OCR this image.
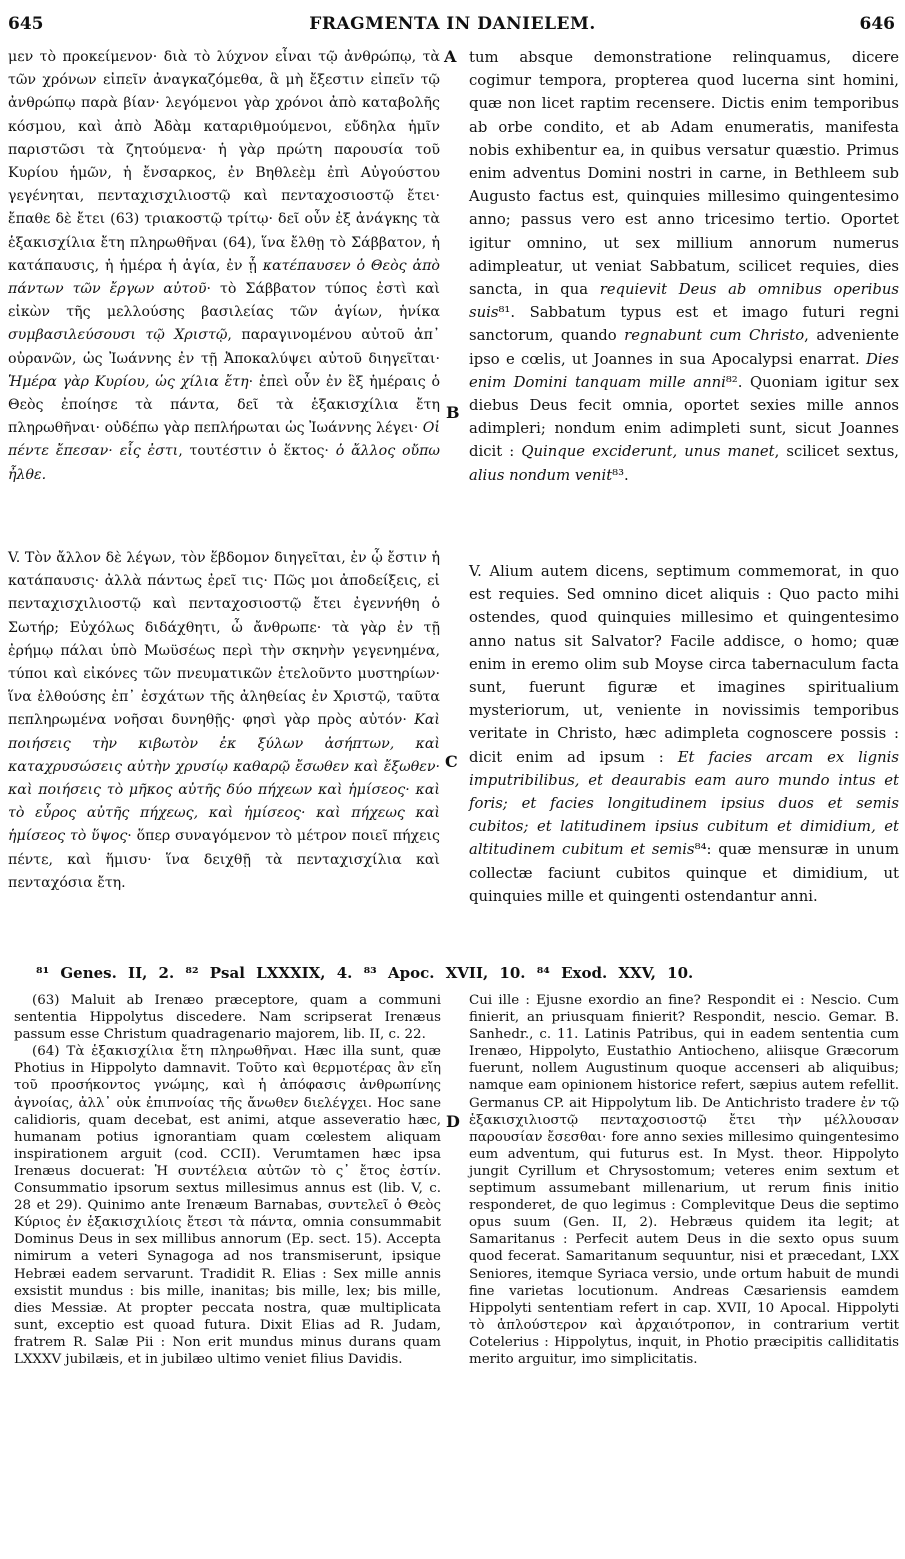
645	FRAGMENTA IN DANIELEM.	646
A
B
C
D

μεν τὸ προκείμενον· διὰ τὸ λύχνον εἶναι τῷ ἀνθρώπῳ, τὰ τῶν χρόνων εἰπεῖν ἀναγκαζόμεθα, ἃ μὴ ἔξεστιν εἰπεῖν τῷ ἀνθρώπῳ παρὰ βίαν· λεγόμενοι γὰρ χρόνοι ἀπὸ καταβολῆς κόσμου, καὶ ἀπὸ Ἀδὰμ καταριθμούμενοι, εὔδηλα ἡμῖν παριστῶσι τὰ ζητούμενα· ἡ γὰρ πρώτη παρουσία τοῦ Κυρίου ἡμῶν, ἡ ἔνσαρκος, ἐν Βηθλεὲμ ἐπὶ Αὐγούστου γεγένηται, πενταχισχιλιοστῷ καὶ πενταχοσιοστῷ ἔτει· ἔπαθε δὲ ἔτει (63) τριακοστῷ τρίτῳ· δεῖ οὖν ἐξ ἀνάγκης τὰ ἑξακισχίλια ἔτη πληρωθῆναι (64), ἵνα ἔλθῃ τὸ Σάββατον, ἡ κατάπαυσις, ἡ ἡμέρα ἡ ἁγία, ἐν ᾗ κατέπαυσεν ὁ Θεὸς ἀπὸ πάντων τῶν ἔργων αὐτοῦ· τὸ Σάββατον τύπος ἐστὶ καὶ εἰκὼν τῆς μελλούσης βασιλείας τῶν ἁγίων, ἡνίκα συμβασιλεύσουσι τῷ Χριστῷ, παραγινομένου αὐτοῦ ἀπ᾽ οὐρανῶν, ὡς Ἰωάννης ἐν τῇ Ἀποκαλύψει αὐτοῦ διηγεῖται· Ἡμέρα γὰρ Κυρίου, ὡς χίλια ἔτη· ἐπεὶ οὖν ἐν ἓξ ἡμέραις ὁ Θεὸς ἐποίησε τὰ πάντα, δεῖ τὰ ἑξακισχίλια ἔτη πληρωθῆναι· οὐδέπω γὰρ πεπλήρωται ὡς Ἰωάννης λέγει· Οἱ πέντε ἔπεσαν· εἷς ἐστι, τουτέστιν ὁ ἕκτος· ὁ ἄλλος οὔπω ἦλθε.

V. Τὸν ἄλλον δὲ λέγων, τὸν ἕβδομον διηγεῖται, ἐν ᾧ ἔστιν ἡ κατάπαυσις· ἀλλὰ πάντως ἐρεῖ τις· Πῶς μοι ἀποδείξεις, εἰ πενταχισχιλιοστῷ καὶ πενταχοσιοστῷ ἔτει ἐγεννήθη ὁ Σωτήρ; Εὐχόλως διδάχθητι, ὦ ἄνθρωπε· τὰ γὰρ ἐν τῇ ἐρήμῳ πάλαι ὑπὸ Μωϋσέως περὶ τὴν σκηνὴν γεγενημένα, τύποι καὶ εἰκόνες τῶν πνευματικῶν ἐτελοῦντο μυστηρίων· ἵνα ἐλθούσης ἐπ᾽ ἐσχάτων τῆς ἀληθείας ἐν Χριστῷ, ταῦτα πεπληρωμένα νοῆσαι δυνηθῇς· φησὶ γὰρ πρὸς αὐτόν· Καὶ ποιήσεις τὴν κιβωτὸν ἐκ ξύλων ἀσήπτων, καὶ καταχρυσώσεις αὐτὴν χρυσίῳ καθαρῷ ἔσωθεν καὶ ἔξωθεν· καὶ ποιήσεις τὸ μῆκος αὐτῆς δύο πήχεων καὶ ἡμίσεος· καὶ τὸ εὖρος αὐτῆς πήχεως, καὶ ἡμίσεος· καὶ πήχεως καὶ ἡμίσεος τὸ ὕψος· ὅπερ συναγόμενον τὸ μέτρον ποιεῖ πήχεις πέντε, καὶ ἥμισυ· ἵνα δειχθῇ τὰ πενταχισχίλια καὶ πενταχόσια ἔτη.

tum absque demonstratione relinquamus, dicere cogimur tempora, propterea quod lucerna sint homini, quæ non licet raptim recensere. Dictis enim temporibus ab orbe condito, et ab Adam enumeratis, manifesta nobis exhibentur ea, in quibus versatur quæstio. Primus enim adventus Domini nostri in carne, in Bethleem sub Augusto factus est, quinquies millesimo quingentesimo anno; passus vero est anno tricesimo tertio. Oportet igitur omnino, ut sex millium annorum numerus adimpleatur, ut veniat Sabbatum, scilicet requies, dies sancta, in qua requievit Deus ab omnibus operibus suis⁸¹. Sabbatum typus est et imago futuri regni sanctorum, quando regnabunt cum Christo, adveniente ipso e cœlis, ut Joannes in sua Apocalypsi enarrat. Dies enim Domini tanquam mille anni⁸². Quoniam igitur sex diebus Deus fecit omnia, oportet sexies mille annos adimpleri; nondum enim adimpleti sunt, sicut Joannes dicit : Quinque exciderunt, unus manet, scilicet sextus, alius nondum venit⁸³.

V. Alium autem dicens, septimum commemorat, in quo est requies. Sed omnino dicet aliquis : Quo pacto mihi ostendes, quod quinquies millesimo et quingentesimo anno natus sit Salvator? Facile addisce, o homo; quæ enim in eremo olim sub Moyse circa tabernaculum facta sunt, fuerunt figuræ et imagines spiritualium mysteriorum, ut, veniente in novissimis temporibus veritate in Christo, hæc adimpleta cognoscere possis : dicit enim ad ipsum : Et facies arcam ex lignis imputribilibus, et deaurabis eam auro mundo intus et foris; et facies longitudinem ipsius duos et semis cubitos; et latitudinem ipsius cubitum et dimidium, et altitudinem cubitum et semis⁸⁴: quæ mensuræ in unum collectæ faciunt cubitos quinque et dimidium, ut quinquies mille et quingenti ostendantur anni.

⁸¹ Genes. II, 2. ⁸² Psal LXXXIX, 4. ⁸³ Apoc. XVII, 10. ⁸⁴ Exod. XXV, 10.

(63) Maluit ab Irenæo præceptore, quam a communi sententia Hippolytus discedere. Nam scripserat Irenæus passum esse Christum quadragenario majorem, lib. II, c. 22.

(64) Τὰ ἑξακισχίλια ἔτη πληρωθῆναι. Hæc illa sunt, quæ Photius in Hippolyto damnavit. Τοῦτο καὶ θερμοτέρας ἂν εἴη τοῦ προσήκοντος γνώμης, καὶ ἡ ἀπόφασις ἀνθρωπίνης ἀγνοίας, ἀλλ᾽ οὐκ ἐπιπνοίας τῆς ἄνωθεν διελέγχει. Hoc sane calidioris, quam decebat, est animi, atque asseveratio hæc, humanam potius ignorantiam quam cœlestem aliquam inspirationem arguit (cod. CCII). Verumtamen hæc ipsa Irenæus docuerat: Ἡ συντέλεια αὐτῶν τὸ ς᾽ ἔτος ἐστίν. Consummatio ipsorum sextus millesimus annus est (lib. V, c. 28 et 29). Quinimo ante Irenæum Barnabas, συντελεῖ ὁ Θεὸς Κύριος ἐν ἑξακισχιλίοις ἔτεσι τὰ πάντα, omnia consummabit Dominus Deus in sex millibus annorum (Ep. sect. 15). Accepta nimirum a veteri Synagoga ad nos transmiserunt, ipsique Hebræi eadem servarunt. Tradidit R. Elias : Sex mille annis exsistit mundus : bis mille, inanitas; bis mille, lex; bis mille, dies Messiæ. At propter peccata nostra, quæ multiplicata sunt, exceptio est quoad futura. Dixit Elias ad R. Judam, fratrem R. Salæ Pii : Non erit mundus minus durans quam LXXXV jubilæis, et in jubilæo ultimo veniet filius Davidis.

Cui ille : Ejusne exordio an fine? Respondit ei : Nescio. Cum finierit, an priusquam finierit? Respondit, nescio. Gemar. B. Sanhedr., c. 11. Latinis Patribus, qui in eadem sententia cum Irenæo, Hippolyto, Eustathio Antiocheno, aliisque Græcorum fuerunt, nollem Augustinum quoque accenseri ab aliquibus; namque eam opinionem historice refert, sæpius autem refellit. Germanus CP. ait Hippolytum lib. De Antichristo tradere ἐν τῷ ἑξακισχιλιοστῷ πενταχοσιοστῷ ἔτει τὴν μέλλουσαν παρουσίαν ἔσεσθαι· fore anno sexies millesimo quingentesimo eum adventum, qui futurus est. In Myst. theor. Hippolyto jungit Cyrillum et Chrysostomum; veteres enim sextum et septimum assumebant millenarium, ut rerum finis initio responderet, de quo legimus : Complevitque Deus die septimo opus suum (Gen. II, 2). Hebræus quidem ita legit; at Samaritanus : Perfecit autem Deus in die sexto opus suum quod fecerat. Samaritanum sequuntur, nisi et præcedant, LXX Seniores, itemque Syriaca versio, unde ortum habuit de mundi fine varietas locutionum. Andreas Cæsariensis eamdem Hippolyti sententiam refert in cap. XVII, 10 Apocal. Hippolyti τὸ ἁπλούστερον καὶ ἀρχαιότροπον, in contrarium vertit Cotelerius : Hippolytus, inquit, in Photio præcipitis calliditatis merito arguitur, imo simplicitatis.
